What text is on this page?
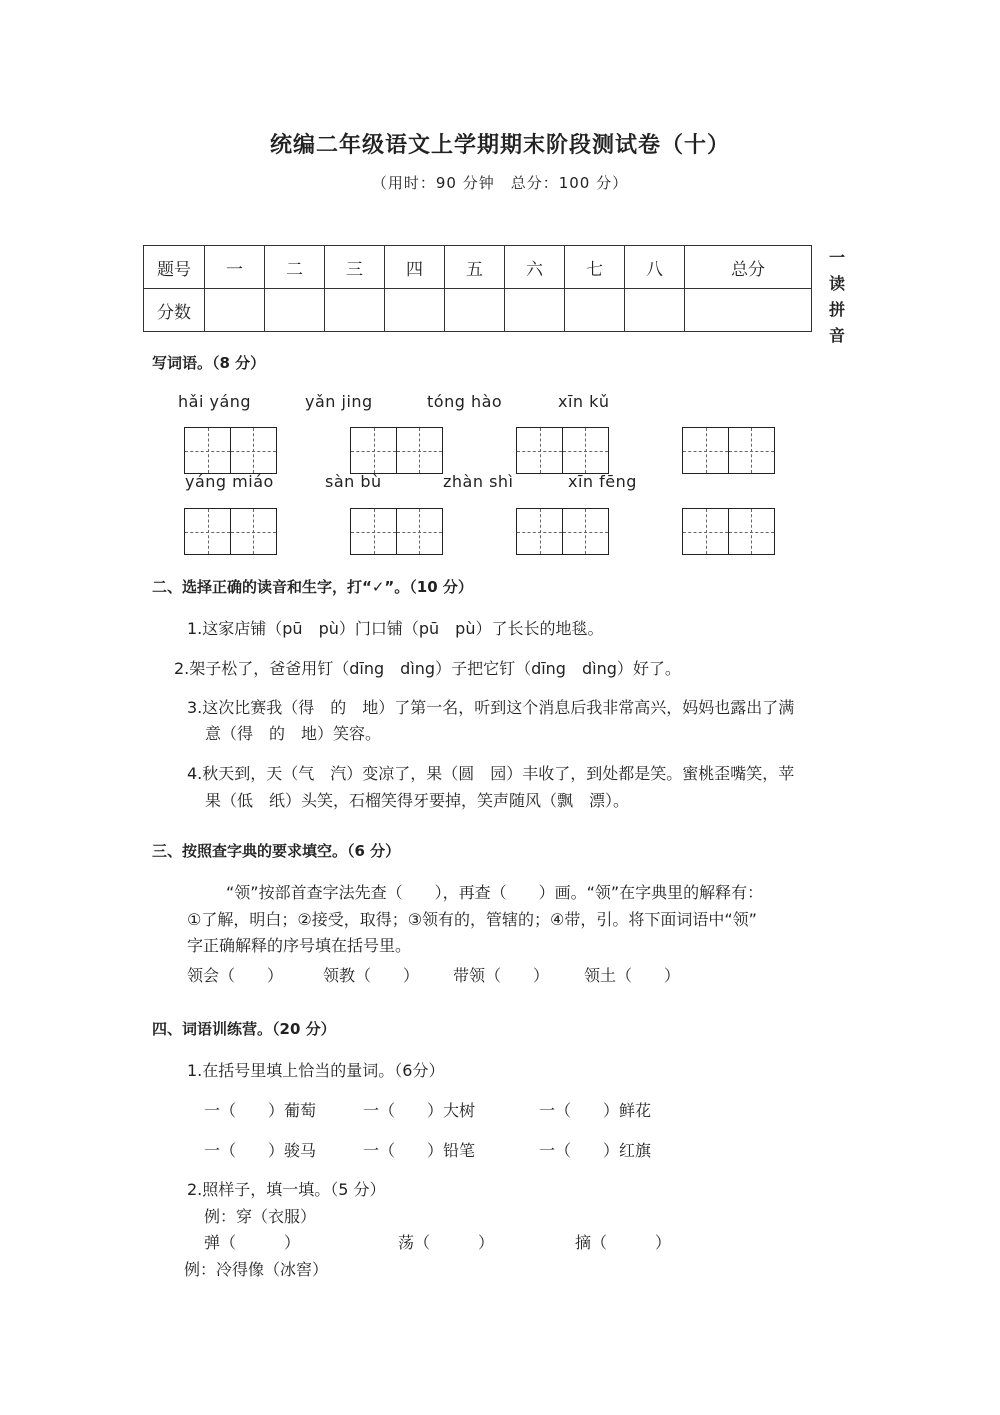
统编二年级语文上学期期末阶段测试卷（十）
（用时：90 分钟　总分：100 分）
题号	一	二	三	四	五	六	七	八	总分
分数									
一
读
拼
音
写词语。（8 分）
hǎi yáng	yǎn jing	tóng hào	xīn kǔ
yáng miáo	sàn bù	zhàn shì	xīn fēng
二、选择正确的读音和生字，打“✓”。（10 分）
1.这家店铺（pū　pù）门口铺（pū　pù）了长长的地毯。
2.架子松了，爸爸用钉（dīng　dìng）子把它钉（dīng　dìng）好了。
3.这次比赛我（得　的　地）了第一名，听到这个消息后我非常高兴，妈妈也露出了满
意（得　的　地）笑容。
4.秋天到，天（气　汽）变凉了，果（圆　园）丰收了，到处都是笑。蜜桃歪嘴笑，苹
果（低　纸）头笑，石榴笑得牙要掉，笑声随风（飘　漂）。
三、按照查字典的要求填空。（6 分）
“领”按部首查字法先查（　　），再查（　　）画。“领”在字典里的解释有：
①了解，明白；②接受，取得；③领有的，管辖的；④带，引。将下面词语中“领”
字正确解释的序号填在括号里。
领会（　　） 领教（　　） 带领（　　） 领土（　　）
四、词语训练营。（20 分）
1.在括号里填上恰当的量词。（6分）
一（　　）葡萄	一（　　）大树	一（　　）鲜花
一（　　）骏马	一（　　）铅笔	一（　　）红旗
2.照样子，填一填。（5 分）
例：穿（衣服）
弹（　　　）	荡（　　　）	摘（　　　）
例：冷得像（冰窖）
